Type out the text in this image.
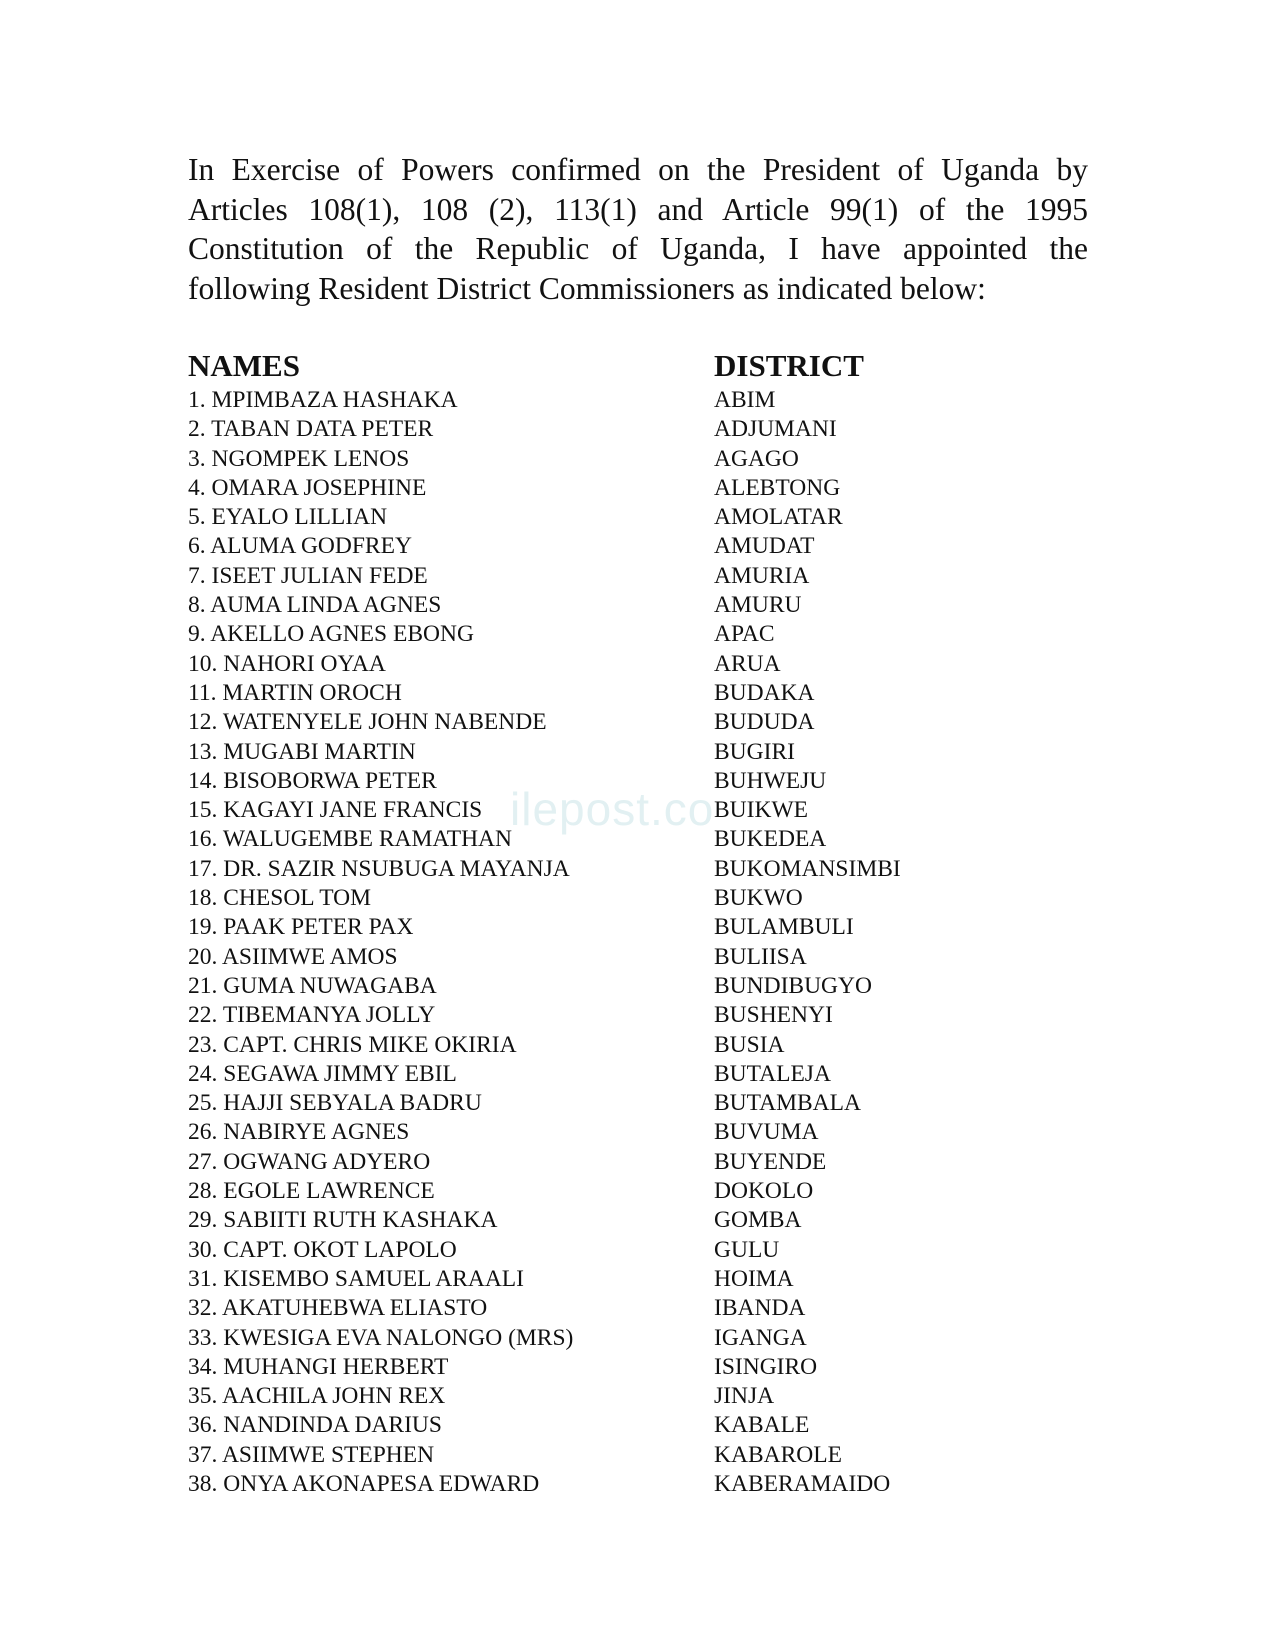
In Exercise of Powers confirmed on the President of Uganda by
Articles 108(1), 108 (2), 113(1) and Article 99(1) of the 1995
Constitution of the Republic of Uganda, I have appointed the
following Resident District Commissioners as indicated below:
NAMES	DISTRICT
1. MPIMBAZA HASHAKA	ABIM
2. TABAN DATA PETER	ADJUMANI
3. NGOMPEK LENOS	AGAGO
4. OMARA JOSEPHINE	ALEBTONG
5. EYALO LILLIAN	AMOLATAR
6. ALUMA GODFREY	AMUDAT
7. ISEET JULIAN FEDE	AMURIA
8. AUMA LINDA AGNES	AMURU
9. AKELLO AGNES EBONG	APAC
10. NAHORI OYAA	ARUA
11. MARTIN OROCH	BUDAKA
12. WATENYELE JOHN NABENDE	BUDUDA
13. MUGABI MARTIN	BUGIRI
14. BISOBORWA PETER	BUHWEJU
15. KAGAYI JANE FRANCIS	BUIKWE
16. WALUGEMBE RAMATHAN	BUKEDEA
17. DR. SAZIR NSUBUGA MAYANJA	BUKOMANSIMBI
18. CHESOL TOM	BUKWO
19. PAAK PETER PAX	BULAMBULI
20. ASIIMWE AMOS	BULIISA
21. GUMA NUWAGABA	BUNDIBUGYO
22. TIBEMANYA JOLLY	BUSHENYI
23. CAPT. CHRIS MIKE OKIRIA	BUSIA
24. SEGAWA JIMMY EBIL	BUTALEJA
25. HAJJI SEBYALA BADRU	BUTAMBALA
26. NABIRYE AGNES	BUVUMA
27. OGWANG ADYERO	BUYENDE
28. EGOLE LAWRENCE	DOKOLO
29. SABIITI RUTH KASHAKA	GOMBA
30. CAPT. OKOT LAPOLO	GULU
31. KISEMBO SAMUEL ARAALI	HOIMA
32. AKATUHEBWA ELIASTO	IBANDA
33. KWESIGA EVA NALONGO (MRS)	IGANGA
34. MUHANGI HERBERT	ISINGIRO
35. AACHILA JOHN REX	JINJA
36. NANDINDA DARIUS	KABALE
37. ASIIMWE STEPHEN	KABAROLE
38. ONYA AKONAPESA EDWARD	KABERAMAIDO
ilepost.co
